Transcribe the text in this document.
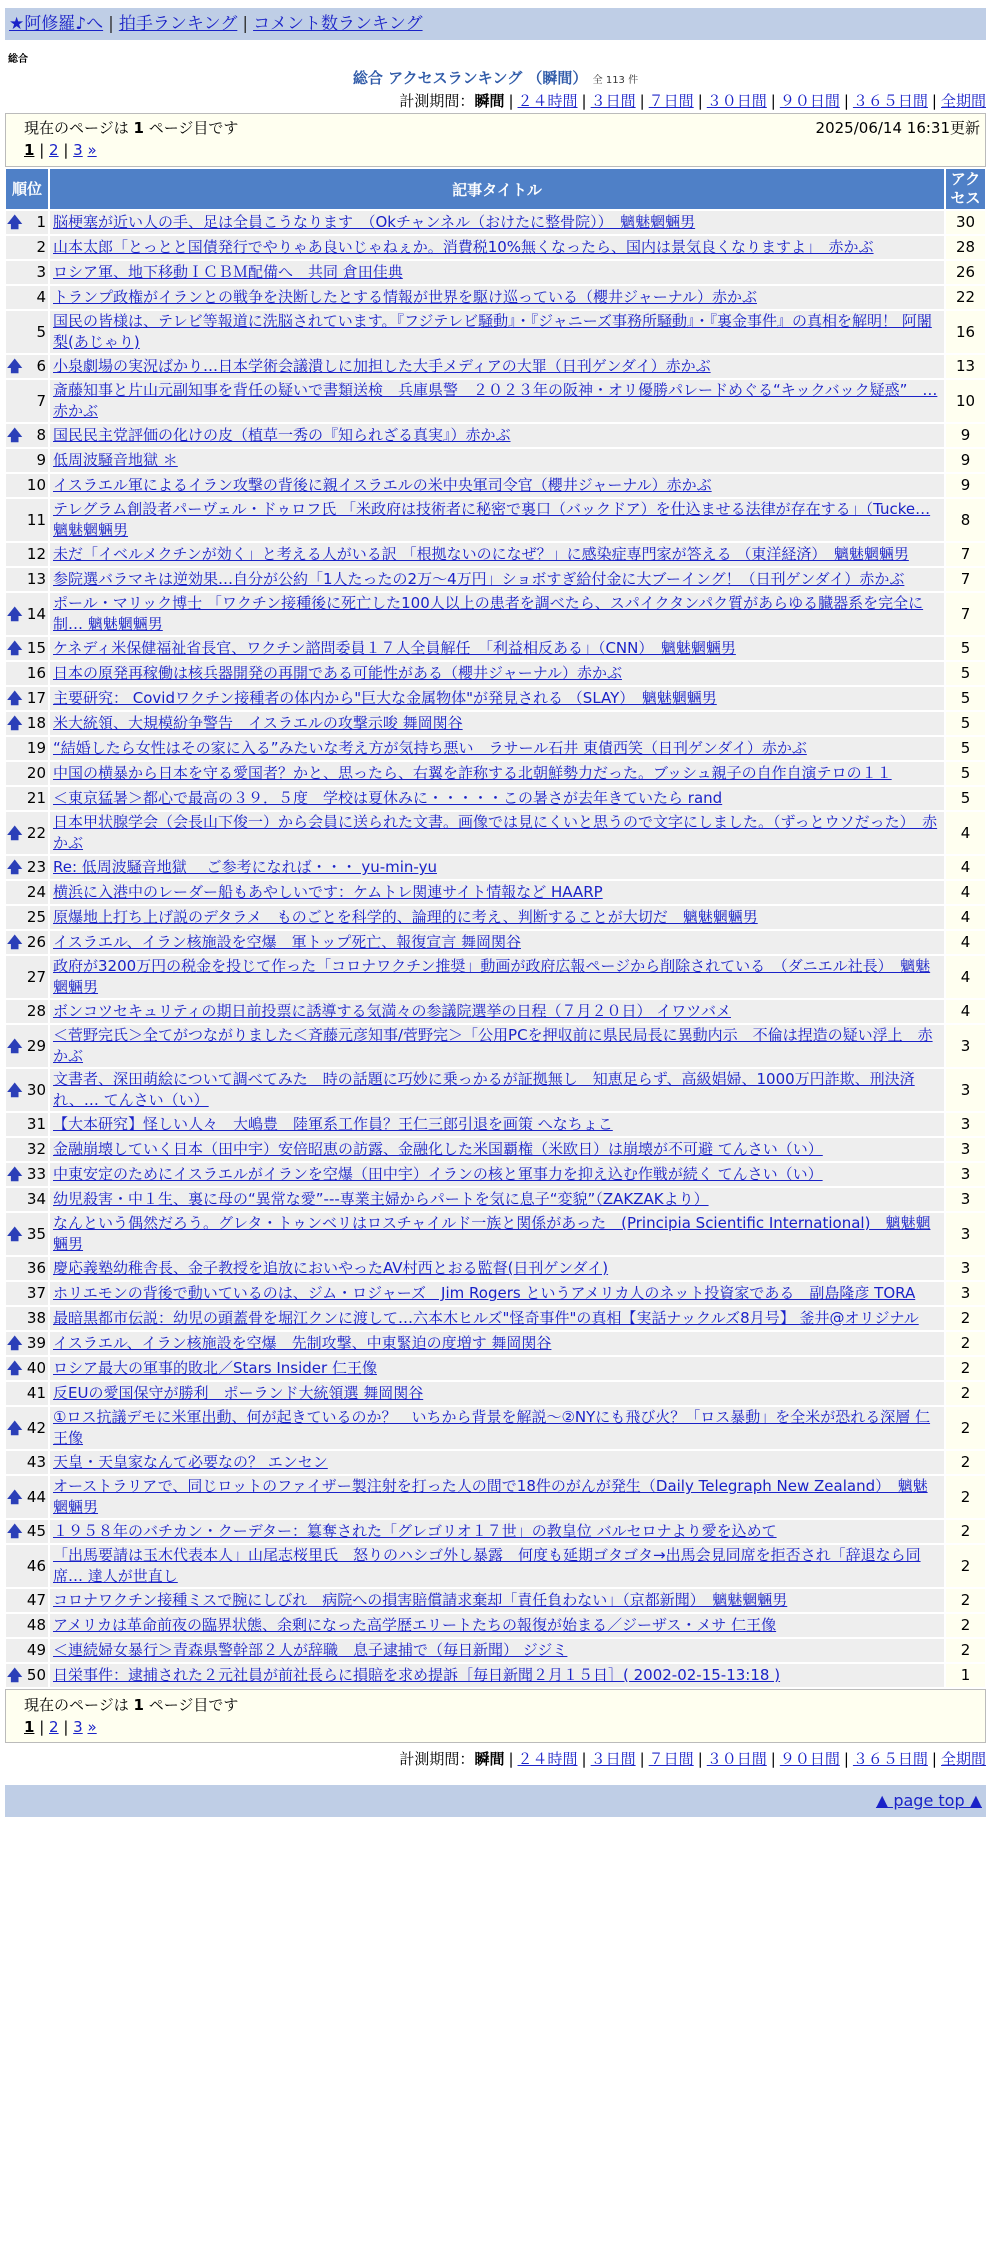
★阿修羅♪へ | 拍手ランキング | コメント数ランキング
総合
総合 アクセスランキング （瞬間） 全 113 件
計測期間：瞬間 | ２４時間 | ３日間 | ７日間 | ３０日間 | ９０日間 | ３６５日間 | 全期間
現在のページは 1 ページ目です	2025/06/14 16:31更新
1 | 2 | 3 »
順位	記事タイトル	アクセス

🡅 1	脳梗塞が近い人の手、足は全員こうなります　（Okチャンネル（おけたに整骨院））　魑魅魍魎男	30
2	山本太郎「とっとと国債発行でやりゃあ良いじゃねぇか。消費税10%無くなったら、国内は景気良くなりますよ」　赤かぶ	28
3	ロシア軍、地下移動ＩＣＢＭ配備へ　共同 倉田佳典	26
4	トランプ政権がイランとの戦争を決断したとする情報が世界を駆け巡っている（櫻井ジャーナル）赤かぶ	22
5	国民の皆様は、テレビ等報道に洗脳されています。『フジテレビ騒動』・『ジャニーズ事務所騒動』・『裏金事件』の真相を解明！ 阿闍梨(あじゃり)	16

🡅 6	小泉劇場の実況ばかり…日本学術会議潰しに加担した大手メディアの大罪（日刊ゲンダイ）赤かぶ	13
7	斎藤知事と片山元副知事を背任の疑いで書類送検　兵庫県警　２０２３年の阪神・オリ優勝パレードめぐる“キックバック疑惑”　… 赤かぶ	10

🡅 8	国民民主党評価の化けの皮（植草一秀の『知られざる真実』）赤かぶ	9
9	低周波騒音地獄 ＊	9
10	イスラエル軍によるイラン攻撃の背後に親イスラエルの米中央軍司令官（櫻井ジャーナル）赤かぶ	9
11	テレグラム創設者パーヴェル・ドゥロフ氏 「米政府は技術者に秘密で裏口（バックドア）を仕込ませる法律が存在する」（Tucke… 魑魅魍魎男	8
12	未だ「イベルメクチンが効く」と考える人がいる訳 「根拠ないのになぜ？」に感染症専門家が答える （東洋経済）　魑魅魍魎男	7
13	参院選バラマキは逆効果…自分が公約「1人たったの2万～4万円」ショボすぎ給付金に大ブーイング！（日刊ゲンダイ）赤かぶ	7

🡅 14	ポール・マリック博士 「ワクチン接種後に死亡した100人以上の患者を調べたら、スパイクタンパク質があらゆる臓器系を完全に制… 魑魅魍魎男	7

🡅 15	ケネディ米保健福祉省長官、ワクチン諮問委員１７人全員解任　「利益相反ある」（CNN）　魑魅魍魎男	5
16	日本の原発再稼働は核兵器開発の再開である可能性がある（櫻井ジャーナル）赤かぶ	5

🡅 17	主要研究： Covidワクチン接種者の体内から"巨大な金属物体"が発見される （SLAY）　魑魅魍魎男	5

🡅 18	米大統領、大規模紛争警告　イスラエルの攻撃示唆 舞岡関谷	5
19	“結婚したら女性はその家に入る”みたいな考え方が気持ち悪い　ラサール石井 東債西笑（日刊ゲンダイ）赤かぶ	5
20	中国の横暴から日本を守る愛国者？かと、思ったら、右翼を詐称する北朝鮮勢力だった。ブッシュ親子の自作自演テロの１１	5
21	＜東京猛暑＞都心で最高の３９．５度　学校は夏休みに・・・・・この暑さが去年きていたら rand	5

🡅 22	日本甲状腺学会（会長山下俊一）から会員に送られた文書。画像では見にくいと思うので文字にしました。（ずっとウソだった）　赤かぶ	4

🡅 23	Re: 低周波騒音地獄　 ご参考になれば・・・ yu-min-yu	4
24	横浜に入港中のレーダー船もあやしいです：ケムトレ関連サイト情報など HAARP	4
25	原爆地上打ち上げ説のデタラメ　ものごとを科学的、論理的に考え、判断することが大切だ　魑魅魍魎男	4

🡅 26	イスラエル、イラン核施設を空爆　軍トップ死亡、報復宣言 舞岡関谷	4
27	政府が3200万円の税金を投じて作った「コロナワクチン推奨」動画が政府広報ページから削除されている　（ダニエル社長）　魑魅魍魎男	4
28	ボンコツセキュリティの期日前投票に誘導する気満々の参議院選挙の日程（７月２０日） イワツバメ	4

🡅 29	＜菅野完氏＞全てがつながりました＜斉藤元彦知事/菅野完＞「公用PCを押収前に県民局長に異動内示　不倫は捏造の疑い浮上　赤かぶ	3

🡅 30	文書者、深田萌絵について調べてみた　時の話題に巧妙に乗っかるが証拠無し　知恵足らず、高級娼婦、1000万円詐欺、刑決済れ、… てんさい（い）	3
31	【大本研究】怪しい人々　大嶋豊　陸軍系工作員？王仁三郎引退を画策 へなちょこ	3
32	金融崩壊していく日本（田中宇）安倍昭恵の訪露、金融化した米国覇権（米欧日）は崩壊が不可避 てんさい（い）	3

🡅 33	中東安定のためにイスラエルがイランを空爆（田中宇）イランの核と軍事力を抑え込む作戦が続く てんさい（い）	3
34	幼児殺害・中１生、裏に母の“異常な愛”---専業主婦からパートを気に息子“変貌”（ZAKZAKより）	3

🡅 35	なんという偶然だろう。グレタ・トゥンベリはロスチャイルド一族と関係があった　(Principia Scientific International)　魑魅魍魎男	3
36	慶応義塾幼稚舎長、金子教授を追放においやったAV村西とおる監督(日刊ゲンダイ)	3
37	ホリエモンの背後で動いているのは、ジム・ロジャーズ　Jim Rogers というアメリカ人のネット投資家である　副島隆彦 TORA	3
38	最暗黒都市伝説：幼児の頭蓋骨を堀江クンに渡して…六本木ヒルズ"怪奇事件"の真相【実話ナックルズ8月号】 釜井@オリジナル	2

🡅 39	イスラエル、イラン核施設を空爆　先制攻撃、中東緊迫の度増す 舞岡関谷	2

🡅 40	ロシア最大の軍事的敗北／Stars Insider 仁王像	2
41	反EUの愛国保守が勝利　ポーランド大統領選 舞岡関谷	2

🡅 42	①ロス抗議デモに米軍出動、何が起きているのか？　いちから背景を解説～②NYにも飛び火？「ロス暴動」を全米が恐れる深層 仁王像	2
43	天皇・天皇家なんて必要なの？ エンセン	2

🡅 44	オーストラリアで、同じロットのファイザー製注射を打った人の間で18件のがんが発生（Daily Telegraph New Zealand）　魑魅魍魎男	2

🡅 45	１９５８年のバチカン・クーデター：簒奪された「グレゴリオ１７世」の教皇位 バルセロナより愛を込めて	2
46	「出馬要請は玉木代表本人」山尾志桜里氏　怒りのハシゴ外し暴露　何度も延期ゴタゴタ→出馬会見同席を拒否され「辞退なら同席… 達人が世直し	2
47	コロナワクチン接種ミスで腕にしびれ　病院への損害賠償請求棄却「責任負わない」（京都新聞）　魑魅魍魎男	2
48	アメリカは革命前夜の臨界状態、余剰になった高学歴エリートたちの報復が始まる／ジーザス・メサ 仁王像	2
49	＜連続婦女暴行＞青森県警幹部２人が辞職　息子逮捕で（毎日新聞） ジジミ	2

🡅 50	日栄事件：逮捕された２元社員が前社長らに損賠を求め提訴［毎日新聞２月１５日］( 2002-02-15-13:18 )	1
現在のページは 1 ページ目です
1 | 2 | 3 »
計測期間：瞬間 | ２４時間 | ３日間 | ７日間 | ３０日間 | ９０日間 | ３６５日間 | 全期間
▲ page top ▲
